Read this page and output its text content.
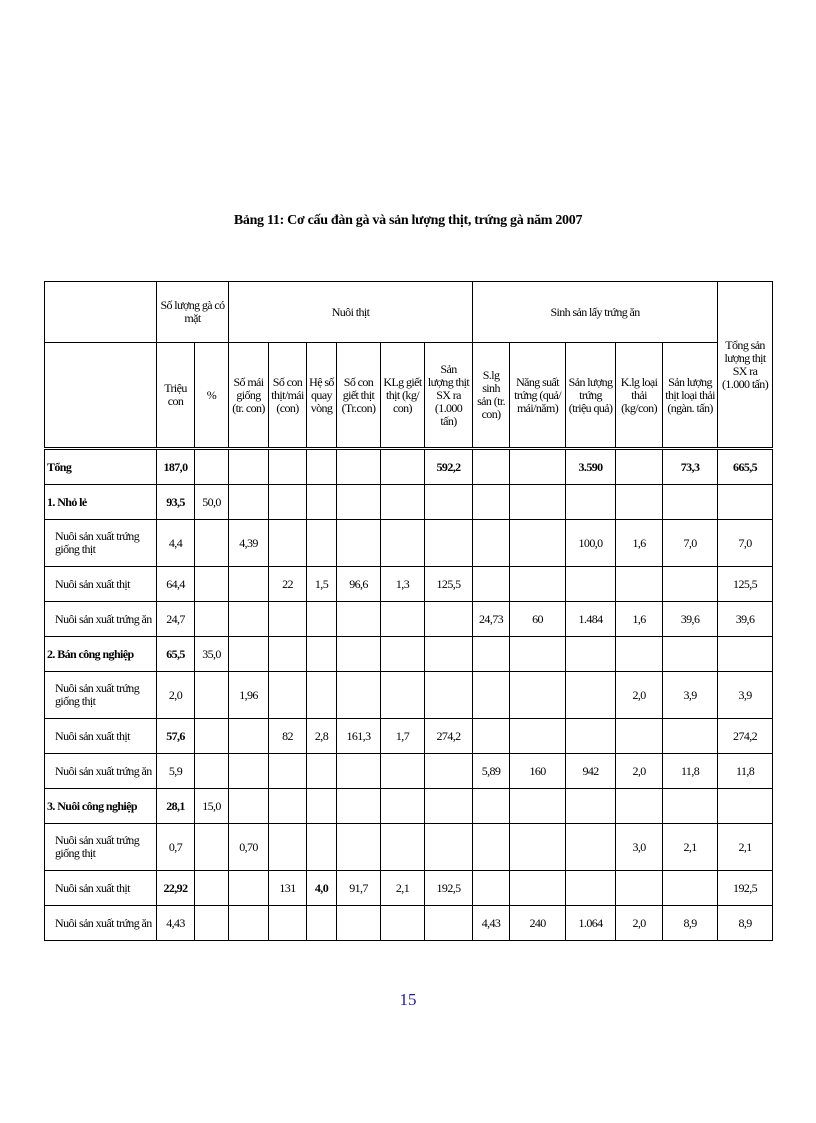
Bảng 11: Cơ cấu đàn gà và sản lượng thịt, trứng gà năm 2007
	Số lượng gà có mặt		Nuôi thịt						Sinh sản lấy trứng ăn					Tổng sản lượng thịt SX ra (1.000 tấn)
	Triệu con	%	Số mái giống (tr. con)	Số con thịt/mái (con)	Hệ số quay vòng	Số con giết thịt (Tr.con)	KLg giết thịt (kg/ con)	Sản lượng thịt SX ra (1.000 tấn)	S.lg sinh sản (tr. con)	Năng suất trứng (quả/ mái/năm)	Sản lượng trứng (triệu quả)	K.lg loại thải (kg/con)	Sản lượng thịt loại thải (ngàn. tấn)	
Tổng	187,0							592,2			3.590		73,3	665,5
1. Nhỏ lẻ	93,5	50,0												
Nuôi sản xuất trứng giống thịt	4,4		4,39								100,0	1,6	7,0	7,0
Nuôi sản xuất thịt	64,4			22	1,5	96,6	1,3	125,5						125,5
Nuôi sản xuất trứng ăn	24,7								24,73	60	1.484	1,6	39,6	39,6
2. Bán công nghiệp	65,5	35,0												
Nuôi sản xuất trứng giống thịt	2,0		1,96									2,0	3,9	3,9
Nuôi sản xuất thịt	57,6			82	2,8	161,3	1,7	274,2						274,2
Nuôi sản xuất trứng ăn	5,9								5,89	160	942	2,0	11,8	11,8
3. Nuôi công nghiệp	28,1	15,0												
Nuôi sản xuất trứng giống thịt	0,7		0,70									3,0	2,1	2,1
Nuôi sản xuất thịt	22,92			131	4,0	91,7	2,1	192,5						192,5
Nuôi sản xuất trứng ăn	4,43								4,43	240	1.064	2,0	8,9	8,9
15
